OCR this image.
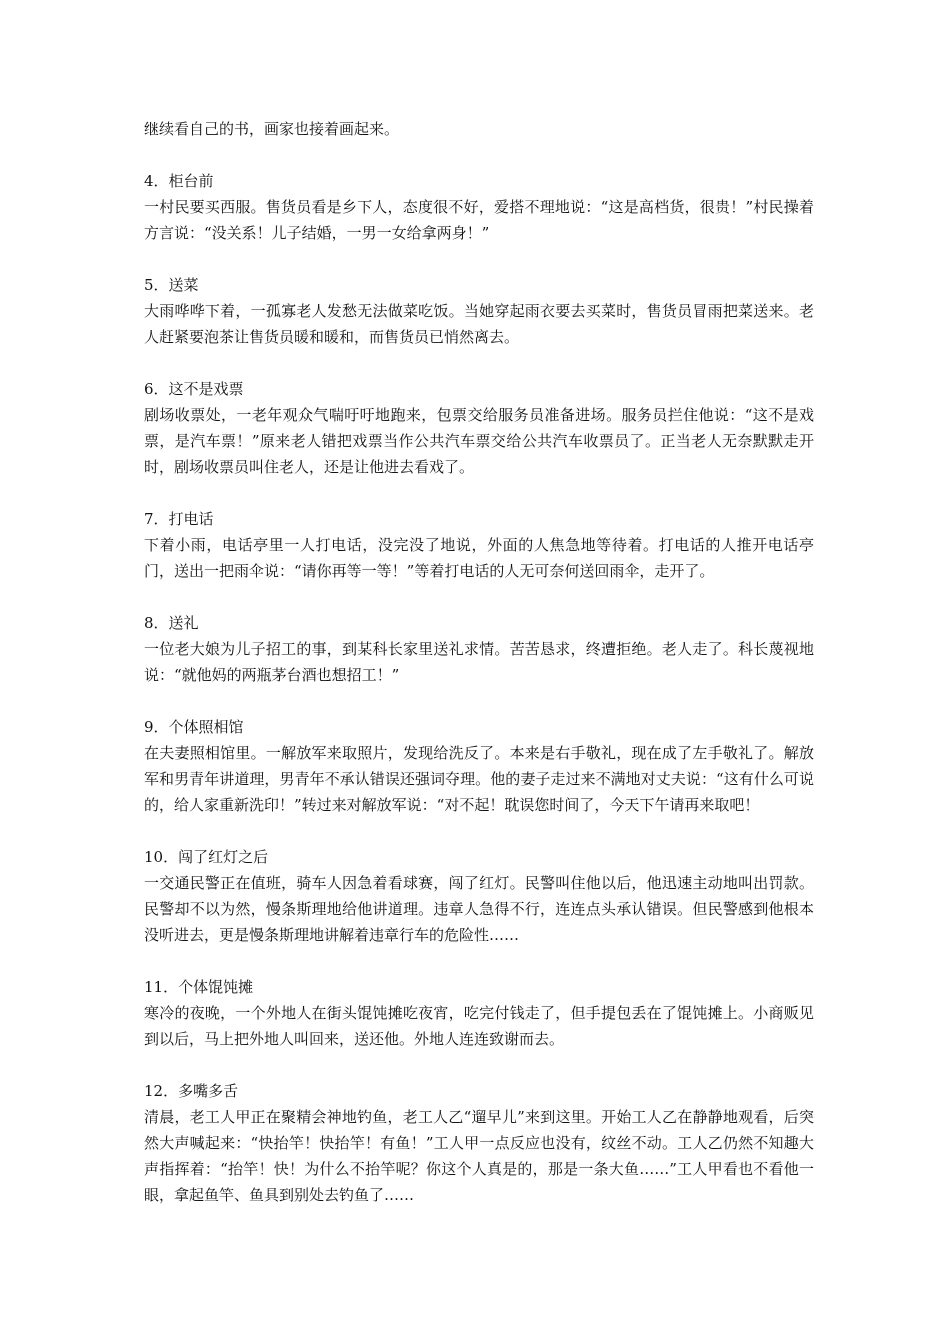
继续看自己的书，画家也接着画起来。

4．柜台前

一村民要买西服。售货员看是乡下人，态度很不好，爱搭不理地说：“这是高档货，很贵！”村民操着方言说：“没关系！儿子结婚，一男一女给拿两身！”

5．送菜

大雨哗哗下着，一孤寡老人发愁无法做菜吃饭。当她穿起雨衣要去买菜时，售货员冒雨把菜送来。老人赶紧要泡茶让售货员暖和暖和，而售货员已悄然离去。

6．这不是戏票

剧场收票处，一老年观众气喘吁吁地跑来，包票交给服务员准备进场。服务员拦住他说：“这不是戏票，是汽车票！”原来老人错把戏票当作公共汽车票交给公共汽车收票员了。正当老人无奈默默走开时，剧场收票员叫住老人，还是让他进去看戏了。

7．打电话

下着小雨，电话亭里一人打电话，没完没了地说，外面的人焦急地等待着。打电话的人推开电话亭门，送出一把雨伞说：“请你再等一等！”等着打电话的人无可奈何送回雨伞，走开了。

8．送礼

一位老大娘为儿子招工的事，到某科长家里送礼求情。苦苦恳求，终遭拒绝。老人走了。科长蔑视地说：“就他妈的两瓶茅台酒也想招工！”

9．个体照相馆

在夫妻照相馆里。一解放军来取照片，发现给洗反了。本来是右手敬礼，现在成了左手敬礼了。解放军和男青年讲道理，男青年不承认错误还强词夺理。他的妻子走过来不满地对丈夫说：“这有什么可说的，给人家重新洗印！”转过来对解放军说：“对不起！耽误您时间了，今天下午请再来取吧！

10．闯了红灯之后

一交通民警正在值班，骑车人因急着看球赛，闯了红灯。民警叫住他以后，他迅速主动地叫出罚款。民警却不以为然，慢条斯理地给他讲道理。违章人急得不行，连连点头承认错误。但民警感到他根本没听进去，更是慢条斯理地讲解着违章行车的危险性……

11．个体馄饨摊

寒冷的夜晚，一个外地人在街头馄饨摊吃夜宵，吃完付钱走了，但手提包丢在了馄饨摊上。小商贩见到以后，马上把外地人叫回来，送还他。外地人连连致谢而去。

12．多嘴多舌

清晨，老工人甲正在聚精会神地钓鱼，老工人乙“遛早儿”来到这里。开始工人乙在静静地观看，后突然大声喊起来：“快抬竿！快抬竿！有鱼！”工人甲一点反应也没有，纹丝不动。工人乙仍然不知趣大声指挥着：“抬竿！快！为什么不抬竿呢？你这个人真是的，那是一条大鱼……”工人甲看也不看他一眼，拿起鱼竿、鱼具到别处去钓鱼了……
